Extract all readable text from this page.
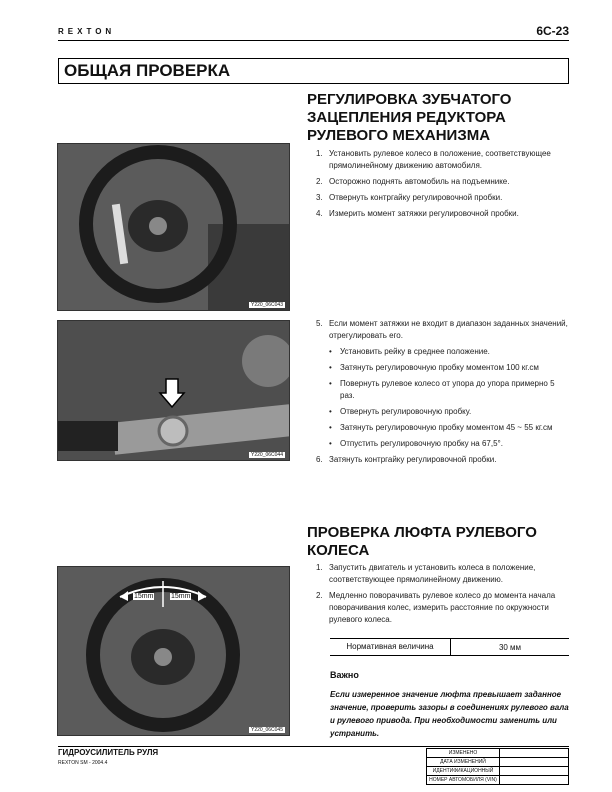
REXTON	6C-23
ОБЩАЯ ПРОВЕРКА
Y220_06C043
РЕГУЛИРОВКА ЗУБЧАТОГО ЗАЦЕПЛЕНИЯ РЕДУКТОРА РУЛЕВОГО МЕХАНИЗМА
1. Установить рулевое колесо в положение, соответствующее прямолинейному движению автомобиля.
2. Осторожно поднять автомобиль на подъемнике.
3. Отвернуть контргайку регулировочной пробки.
4. Измерить момент затяжки регулировочной пробки.
Y220_06C044
5. Если момент затяжки не входит в диапазон заданных значений, отрегулировать его.
•	Установить рейку в среднее положение.
•	Затянуть регулировочную пробку моментом 100 кг.см
•	Повернуть рулевое колесо от упора до упора примерно 5 раз.
•	Отвернуть регулировочную пробку.
•	Затянуть регулировочную пробку моментом 45 ~ 55 кг.см
•	Отпустить регулировочную пробку на 67,5°.
6. Затянуть контргайку регулировочной пробки.
ПРОВЕРКА ЛЮФТА РУЛЕВОГО КОЛЕСА
15mm	15mm
Y220_06C045
1. Запустить двигатель и установить колеса в положение, соответствующее прямолинейному движению.
2. Медленно поворачивать рулевое колесо до момента начала поворачивания колес, измерить расстояние по окружности рулевого колеса.
Нормативная величина	30 мм
Важно
Если измеренное значение люфта превышает заданное значение, проверить зазоры в соединениях рулевого вала и рулевого привода. При необходимости заменить или устранить.
ГИДРОУСИЛИТЕЛЬ РУЛЯ
REXTON SM - 2004.4
ИЗМЕНЕНО
ДАТА ИЗМЕНЕНИЙ
ИДЕНТИФИКАЦИОННЫЙ
НОМЕР АВТОМОБИЛЯ (VIN)
